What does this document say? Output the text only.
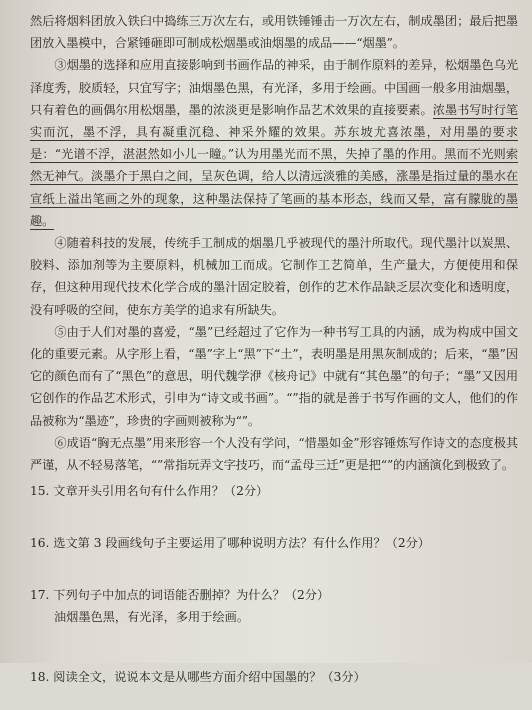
然后将烟料团放入铁臼中捣练三万次左右，或用铁锤锤击一万次左右，制成墨团；最后把墨团放入墨模中，合紧锤砸即可制成松烟墨或油烟墨的成品——“烟墨”。

③烟墨的选择和应用直接影响到书画作品的神采，由于制作原料的差异，松烟墨色乌光泽度秀，胶质轻，只宜写字；油烟墨色黑，有光泽，多用于绘画。中国画一般多用油烟墨，只有着色的画偶尔用松烟墨，墨的浓淡更是影响作品艺术效果的直接要素。浓墨书写时行笔实而沉，墨不浮，具有凝重沉稳、神采外耀的效果。苏东坡尤喜浓墨，对用墨的要求是：“光谱不浮，湛湛然如小儿一瞳。”认为用墨光而不黑，失掉了墨的作用。黑而不光则索然无神气。淡墨介于黑白之间，呈灰色调，给人以清远淡雅的美感，涨墨是指过量的墨水在宣纸上溢出笔画之外的现象，这种墨法保持了笔画的基本形态，线而又晕，富有朦胧的墨趣。

④随着科技的发展，传统手工制成的烟墨几乎被现代的墨汁所取代。现代墨汁以炭黑、胶料、添加剂等为主要原料，机械加工而成。它制作工艺简单，生产量大，方便使用和保存，但这种用现代技术化学合成的墨汁固定胶着，创作的艺术作品缺乏层次变化和透明度，没有呼吸的空间，使东方美学的追求有所缺失。

⑤由于人们对墨的喜爱，“墨”已经超过了它作为一种书写工具的内涵，成为构成中国文化的重要元素。从字形上看，“墨”字上“黑”下“土”，表明墨是用黑灰制成的；后来，“墨”因它的颜色而有了“黑色”的意思，明代魏学洢《核舟记》中就有“其色墨”的句子；“墨”又因用它创作的作品艺术形式，引申为“诗文或书画”。“”指的就是善于书写作画的文人，他们的作品被称为“墨迹”，珍贵的字画则被称为“”。

⑥成语“胸无点墨”用来形容一个人没有学问，“惜墨如金”形容锤炼写作诗文的态度极其严谨，从不轻易落笔，“”常指玩弄文字技巧，而“孟母三迁”更是把“”的内涵演化到极致了。

15. 文章开头引用名句有什么作用？（2分）

16. 选文第 3 段画线句子主要运用了哪种说明方法？有什么作用？（2分）

17. 下列句子中加点的词语能否删掉？为什么？（2分）

油烟墨色黑，有光泽，多用于绘画。

18. 阅读全文，说说本文是从哪些方面介绍中国墨的？（3分）
